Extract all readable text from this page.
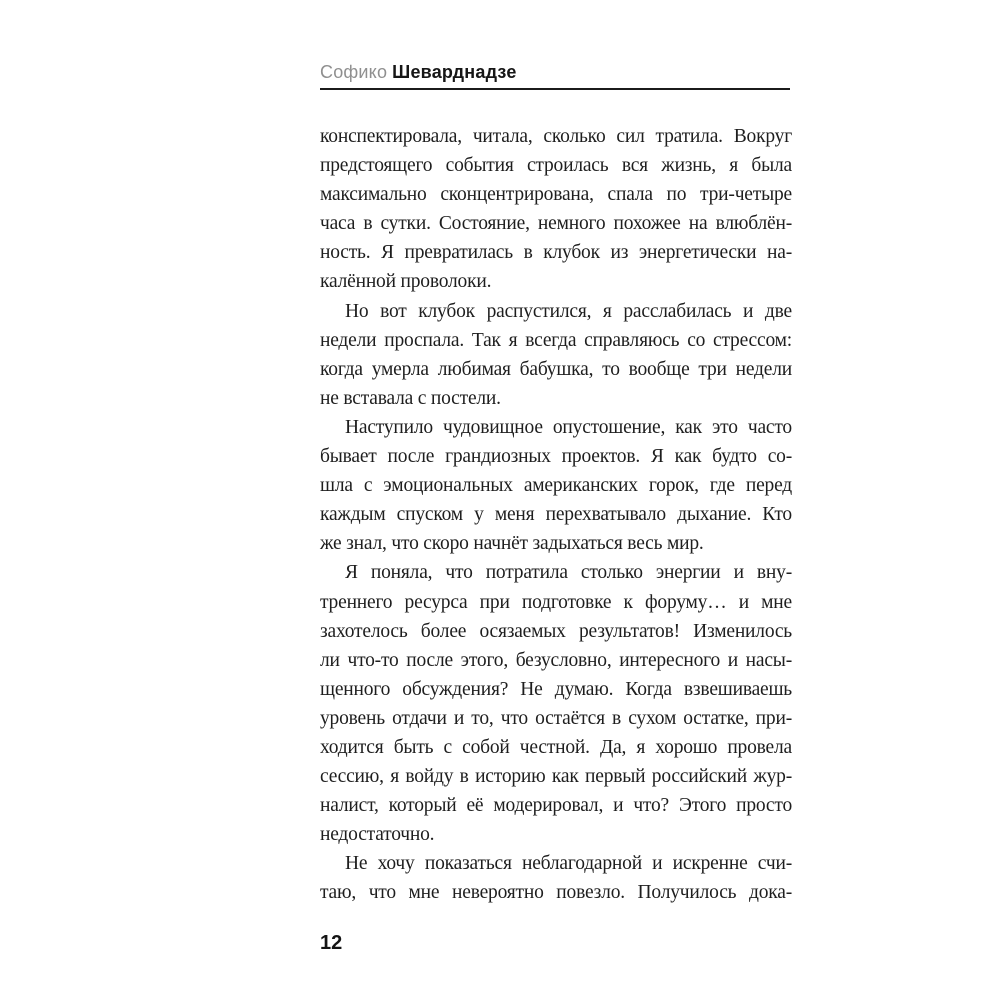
Софико Шеварднадзе
конспектировала, читала, сколько сил тратила. Вокруг
предстоящего события строилась вся жизнь, я была
максимально сконцентрирована, спала по три-четыре
часа в сутки. Состояние, немного похожее на влюблён-
ность. Я превратилась в клубок из энергетически на-
калённой проволоки.
Но вот клубок распустился, я расслабилась и две
недели проспала. Так я всегда справляюсь со стрессом:
когда умерла любимая бабушка, то вообще три недели
не вставала с постели.
Наступило чудовищное опустошение, как это часто
бывает после грандиозных проектов. Я как будто со-
шла с эмоциональных американских горок, где перед
каждым спуском у меня перехватывало дыхание. Кто
же знал, что скоро начнёт задыхаться весь мир.
Я поняла, что потратила столько энергии и вну-
треннего ресурса при подготовке к форуму… и мне
захотелось более осязаемых результатов! Изменилось
ли что-то после этого, безусловно, интересного и насы-
щенного обсуждения? Не думаю. Когда взвешиваешь
уровень отдачи и то, что остаётся в сухом остатке, при-
ходится быть с собой честной. Да, я хорошо провела
сессию, я войду в историю как первый российский жур-
налист, который её модерировал, и что? Этого просто
недостаточно.
Не хочу показаться неблагодарной и искренне счи-
таю, что мне невероятно повезло. Получилось дока-
12
